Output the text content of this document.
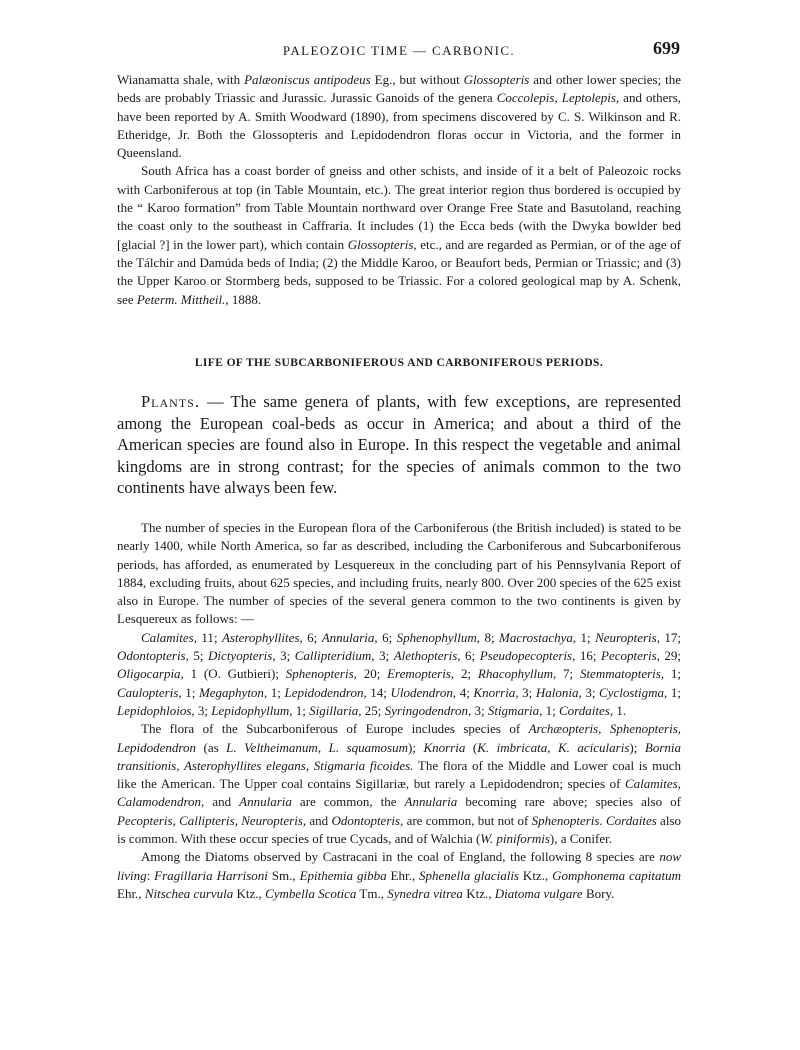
PALEOZOIC TIME — CARBONIC.	699

Wianamatta shale, with Palæoniscus antipodeus Eg., but without Glossopteris and other lower species; the beds are probably Triassic and Jurassic. Jurassic Ganoids of the genera Coccolepis, Leptolepis, and others, have been reported by A. Smith Woodward (1890), from specimens discovered by C. S. Wilkinson and R. Etheridge, Jr. Both the Glossopteris and Lepidodendron floras occur in Victoria, and the former in Queensland.

South Africa has a coast border of gneiss and other schists, and inside of it a belt of Paleozoic rocks with Carboniferous at top (in Table Mountain, etc.). The great interior region thus bordered is occupied by the “ Karoo formation” from Table Mountain northward over Orange Free State and Basutoland, reaching the coast only to the southeast in Caffraria. It includes (1) the Ecca beds (with the Dwyka bowlder bed [glacial ?] in the lower part), which contain Glossopteris, etc., and are regarded as Permian, or of the age of the Tálchir and Damúda beds of India; (2) the Middle Karoo, or Beaufort beds, Permian or Triassic; and (3) the Upper Karoo or Stormberg beds, supposed to be Triassic. For a colored geological map by A. Schenk, see Peterm. Mittheil., 1888.

LIFE OF THE SUBCARBONIFEROUS AND CARBONIFEROUS PERIODS.

Plants. — The same genera of plants, with few exceptions, are represented among the European coal-beds as occur in America; and about a third of the American species are found also in Europe. In this respect the vegetable and animal kingdoms are in strong contrast; for the species of animals common to the two continents have always been few.

The number of species in the European flora of the Carboniferous (the British included) is stated to be nearly 1400, while North America, so far as described, including the Carboniferous and Subcarboniferous periods, has afforded, as enumerated by Lesquereux in the concluding part of his Pennsylvania Report of 1884, excluding fruits, about 625 species, and including fruits, nearly 800. Over 200 species of the 625 exist also in Europe. The number of species of the several genera common to the two continents is given by Lesquereux as follows: —

Calamites, 11; Asterophyllites, 6; Annularia, 6; Sphenophyllum, 8; Macrostachya, 1; Neuropteris, 17; Odontopteris, 5; Dictyopteris, 3; Callipteridium, 3; Alethopteris, 6; Pseudopecopteris, 16; Pecopteris, 29; Oligocarpia, 1 (O. Gutbieri); Sphenopteris, 20; Eremopteris, 2; Rhacophyllum, 7; Stemmatopteris, 1; Caulopteris, 1; Megaphyton, 1; Lepidodendron, 14; Ulodendron, 4; Knorria, 3; Halonia, 3; Cyclostigma, 1; Lepidophloios, 3; Lepidophyllum, 1; Sigillaria, 25; Syringodendron, 3; Stigmaria, 1; Cordaites, 1.

The flora of the Subcarboniferous of Europe includes species of Archæopteris, Sphenopteris, Lepidodendron (as L. Veltheimanum, L. squamosum); Knorria (K. imbricata, K. acicularis); Bornia transitionis, Asterophyllites elegans, Stigmaria ficoides. The flora of the Middle and Lower coal is much like the American. The Upper coal contains Sigillariæ, but rarely a Lepidodendron; species of Calamites, Calamodendron, and Annularia are common, the Annularia becoming rare above; species also of Pecopteris, Callipteris, Neuropteris, and Odontopteris, are common, but not of Sphenopteris. Cordaites also is common. With these occur species of true Cycads, and of Walchia (W. piniformis), a Conifer.

Among the Diatoms observed by Castracani in the coal of England, the following 8 species are now living: Fragillaria Harrisoni Sm., Epithemia gibba Ehr., Sphenella glacialis Ktz., Gomphonema capitatum Ehr., Nitschea curvula Ktz., Cymbella Scotica Tm., Synedra vitrea Ktz., Diatoma vulgare Bory.
